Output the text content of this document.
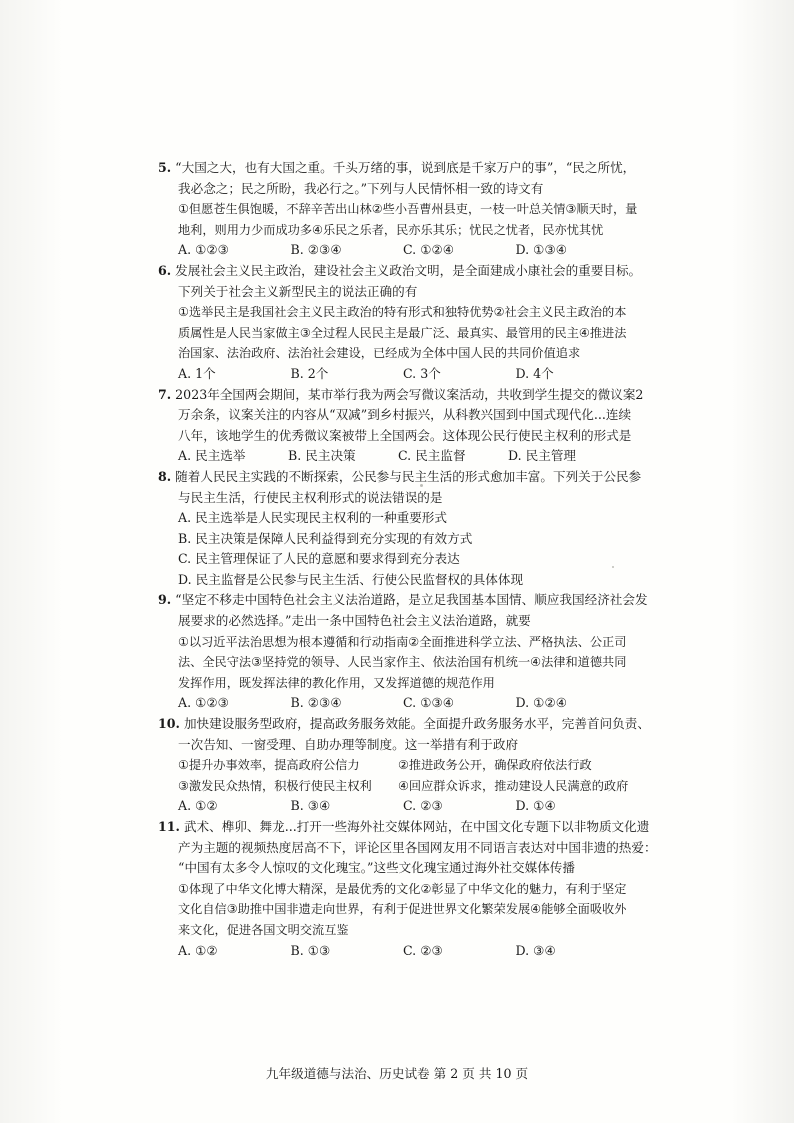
5. “大国之大，也有大国之重。千头万绪的事，说到底是千家万户的事”，“民之所忧，
我必念之；民之所盼，我必行之。”下列与人民情怀相一致的诗文有
①但愿苍生俱饱暖，不辞辛苦出山林②些小吾曹州县吏，一枝一叶总关情③顺天时，量
地利，则用力少而成功多④乐民之乐者，民亦乐其乐；忧民之忧者，民亦忧其忧
A. ①②③	B. ②③④	C. ①②④	D. ①③④
6. 发展社会主义民主政治，建设社会主义政治文明，是全面建成小康社会的重要目标。
下列关于社会主义新型民主的说法正确的有
①选举民主是我国社会主义民主政治的特有形式和独特优势②社会主义民主政治的本
质属性是人民当家做主③全过程人民民主是最广泛、最真实、最管用的民主④推进法
治国家、法治政府、法治社会建设，已经成为全体中国人民的共同价值追求
A. 1个	B. 2个	C. 3个	D. 4个
7. 2023年全国两会期间，某市举行我为两会写微议案活动，共收到学生提交的微议案2
万余条，议案关注的内容从“双减”到乡村振兴，从科教兴国到中国式现代化...连续
八年，该地学生的优秀微议案被带上全国两会。这体现公民行使民主权利的形式是
A. 民主选举	B. 民主决策	C. 民主监督	D. 民主管理
8. 随着人民民主实践的不断探索，公民参与民主生活的形式愈加丰富。下列关于公民参
与民主生活，行使民主权利形式的说法错误的是
A. 民主选举是人民实现民主权利的一种重要形式
B. 民主决策是保障人民利益得到充分实现的有效方式
C. 民主管理保证了人民的意愿和要求得到充分表达
D. 民主监督是公民参与民主生活、行使公民监督权的具体体现
9. “坚定不移走中国特色社会主义法治道路，是立足我国基本国情、顺应我国经济社会发
展要求的必然选择。”走出一条中国特色社会主义法治道路，就要
①以习近平法治思想为根本遵循和行动指南②全面推进科学立法、严格执法、公正司
法、全民守法③坚持党的领导、人民当家作主、依法治国有机统一④法律和道德共同
发挥作用，既发挥法律的教化作用，又发挥道德的规范作用
A. ①②③	B. ②③④	C. ①③④	D. ①②④
10. 加快建设服务型政府，提高政务服务效能。全面提升政务服务水平，完善首问负责、
一次告知、一窗受理、自助办理等制度。这一举措有利于政府
①提升办事效率，提高政府公信力	②推进政务公开，确保政府依法行政
③激发民众热情，积极行使民主权利	④回应群众诉求，推动建设人民满意的政府
A. ①②	B. ③④	C. ②③	D. ①④
11. 武术、榫卯、舞龙...打开一些海外社交媒体网站，在中国文化专题下以非物质文化遗
产为主题的视频热度居高不下，评论区里各国网友用不同语言表达对中国非遗的热爱：
“中国有太多令人惊叹的文化瑰宝。”这些文化瑰宝通过海外社交媒体传播
①体现了中华文化博大精深，是最优秀的文化②彰显了中华文化的魅力，有利于坚定
文化自信③助推中国非遗走向世界，有利于促进世界文化繁荣发展④能够全面吸收外
来文化，促进各国文明交流互鉴
A. ①②	B. ①③	C. ②③	D. ③④
九年级道德与法治、历史试卷 第 2 页 共 10 页
